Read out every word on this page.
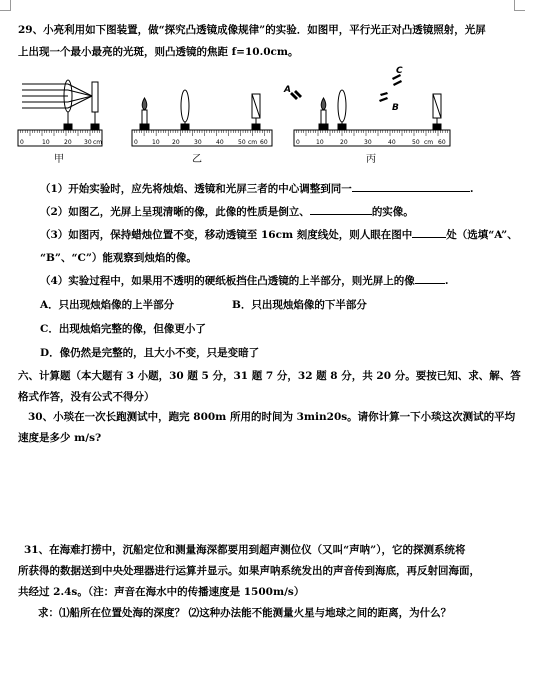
29、小亮利用如下图装置，做“探究凸透镜成像规律”的实验．如图甲，平行光正对凸透镜照射，光屏
上出现一个最小最亮的光斑，则凸透镜的焦距 f=10.0cm。
0	10 20 30 cm	0 10 20 30 40 50 cm 60
A
B
C
0	10	20	30	40	50 cm 60
甲	乙	丙
（1）开始实验时，应先将烛焰、透镜和光屏三者的中心调整到同一	.
（2）如图乙，光屏上呈现清晰的像，此像的性质是倒立、	的实像。
（3）如图丙，保持蜡烛位置不变，移动透镜至 16cm 刻度线处，则人眼在图中	处（选填“A”、
“B”、“C”）能观察到烛焰的像。
（4）实验过程中，如果用不透明的硬纸板挡住凸透镜的上半部分，则光屏上的像	.
A．只出现烛焰像的上半部分	B．只出现烛焰像的下半部分
C．出现烛焰完整的像，但像更小了
D．像仍然是完整的，且大小不变，只是变暗了
六、计算题（本大题有 3 小题，30 题 5 分，31 题 7 分，32 题 8 分，共 20 分。要按已知、求、解、答
格式作答，没有公式不得分）
30、小琰在一次长跑测试中，跑完 800m 所用的时间为 3min20s。请你计算一下小琰这次测试的平均
速度是多少 m/s?
31、在海难打捞中，沉船定位和测量海深都要用到超声测位仪（又叫“声呐”），它的探测系统将
所获得的数据送到中央处理器进行运算并显示。如果声呐系统发出的声音传到海底，再反射回海面，
共经过 2.4s。（注：声音在海水中的传播速度是 1500m/s）
求：⑴船所在位置处海的深度？ ⑵这种办法能不能测量火星与地球之间的距离，为什么？
